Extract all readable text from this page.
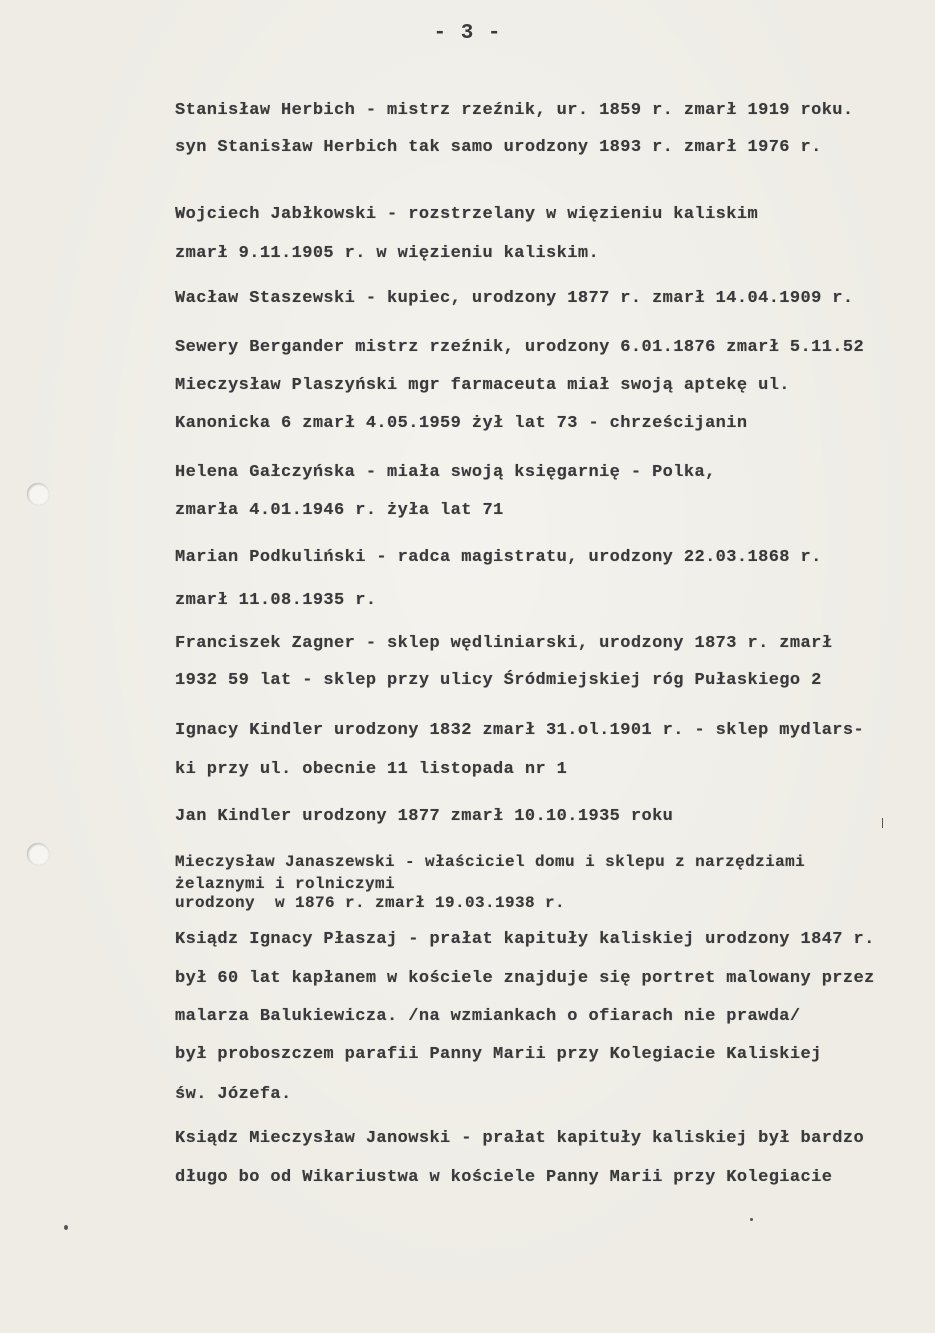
- 3 -
Stanisław Herbich - mistrz rzeźnik, ur. 1859 r. zmarł 1919 roku.
syn Stanisław Herbich tak samo urodzony 1893 r. zmarł 1976 r.
Wojciech Jabłkowski - rozstrzelany w więzieniu kaliskim
zmarł 9.11.1905 r. w więzieniu kaliskim.
Wacław Staszewski - kupiec, urodzony 1877 r. zmarł 14.04.1909 r.
Sewery Bergander mistrz rzeźnik, urodzony 6.01.1876 zmarł 5.11.52
Mieczysław Plaszyński mgr farmaceuta miał swoją aptekę ul.
Kanonicka 6 zmarł 4.05.1959 żył lat 73 - chrześcijanin
Helena Gałczyńska - miała swoją księgarnię - Polka,
zmarła 4.01.1946 r. żyła lat 71
Marian Podkuliński - radca magistratu, urodzony 22.03.1868 r.
zmarł 11.08.1935 r.
Franciszek Zagner - sklep wędliniarski, urodzony 1873 r. zmarł
1932 59 lat - sklep przy ulicy Śródmiejskiej róg Pułaskiego 2
Ignacy Kindler urodzony 1832 zmarł 31.ol.1901 r. - sklep mydlars-
ki przy ul. obecnie 11 listopada nr 1
Jan Kindler urodzony 1877 zmarł 10.10.1935 roku
Mieczysław Janaszewski - właściciel domu i sklepu z narzędziami
żelaznymi i rolniczymi
urodzony  w 1876 r. zmarł 19.03.1938 r.
Ksiądz Ignacy Płaszaj - prałat kapituły kaliskiej urodzony 1847 r.
był 60 lat kapłanem w kościele znajduje się portret malowany przez
malarza Balukiewicza. /na wzmiankach o ofiarach nie prawda/
był proboszczem parafii Panny Marii przy Kolegiacie Kaliskiej
św. Józefa.
Ksiądz Mieczysław Janowski - prałat kapituły kaliskiej był bardzo
długo bo od Wikariustwa w kościele Panny Marii przy Kolegiacie
